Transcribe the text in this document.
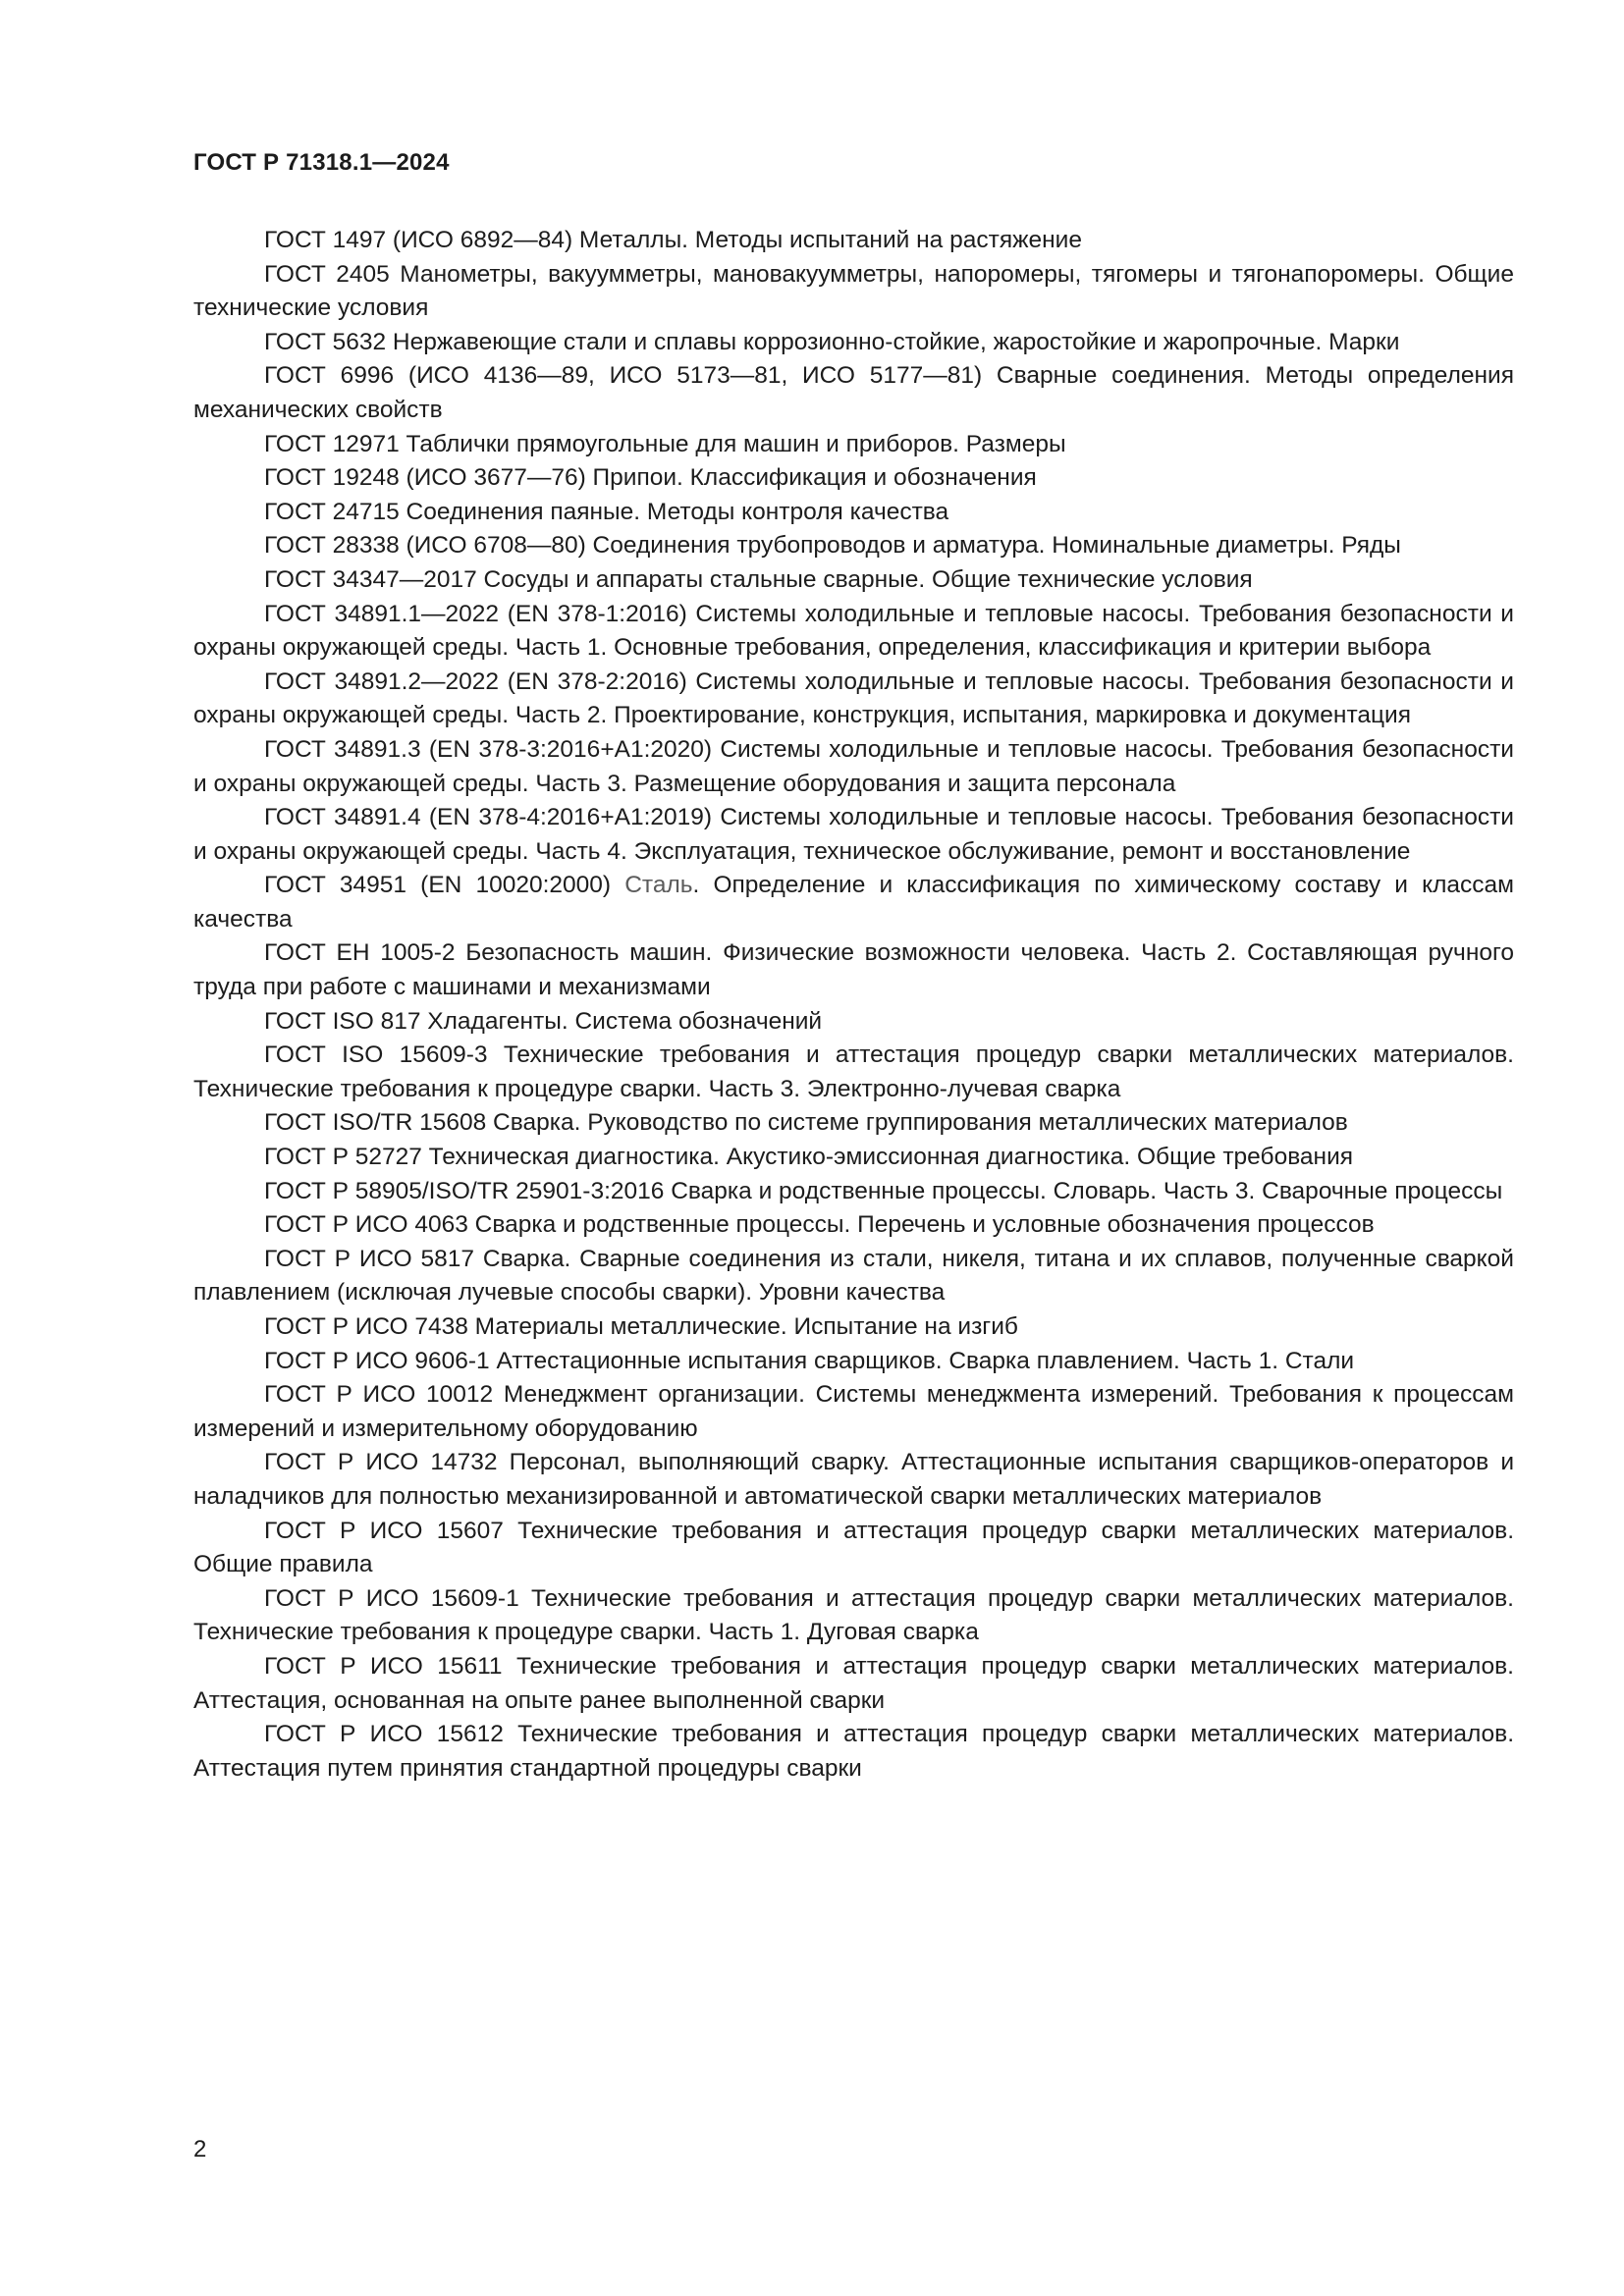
ГОСТ Р 71318.1—2024

ГОСТ 1497 (ИСО 6892—84) Металлы. Методы испытаний на растяжение

ГОСТ 2405 Манометры, вакуумметры, мановакуумметры, напоромеры, тягомеры и тягонапоромеры. Общие технические условия

ГОСТ 5632 Нержавеющие стали и сплавы коррозионно-стойкие, жаростойкие и жаропрочные. Марки

ГОСТ 6996 (ИСО 4136—89, ИСО 5173—81, ИСО 5177—81) Сварные соединения. Методы определения механических свойств

ГОСТ 12971 Таблички прямоугольные для машин и приборов. Размеры

ГОСТ 19248 (ИСО 3677—76) Припои. Классификация и обозначения

ГОСТ 24715 Соединения паяные. Методы контроля качества

ГОСТ 28338 (ИСО 6708—80) Соединения трубопроводов и арматура. Номинальные диаметры. Ряды

ГОСТ 34347—2017 Сосуды и аппараты стальные сварные. Общие технические условия

ГОСТ 34891.1—2022 (EN 378-1:2016) Системы холодильные и тепловые насосы. Требования безопасности и охраны окружающей среды. Часть 1. Основные требования, определения, классификация и критерии выбора

ГОСТ 34891.2—2022 (EN 378-2:2016) Системы холодильные и тепловые насосы. Требования безопасности и охраны окружающей среды. Часть 2. Проектирование, конструкция, испытания, маркировка и документация

ГОСТ 34891.3 (EN 378-3:2016+A1:2020) Системы холодильные и тепловые насосы. Требования безопасности и охраны окружающей среды. Часть 3. Размещение оборудования и защита персонала

ГОСТ 34891.4 (EN 378-4:2016+A1:2019) Системы холодильные и тепловые насосы. Требования безопасности и охраны окружающей среды. Часть 4. Эксплуатация, техническое обслуживание, ремонт и восстановление

ГОСТ 34951 (EN 10020:2000) Сталь. Определение и классификация по химическому составу и классам качества

ГОСТ ЕН 1005-2 Безопасность машин. Физические возможности человека. Часть 2. Составляющая ручного труда при работе с машинами и механизмами

ГОСТ ISO 817 Хладагенты. Система обозначений

ГОСТ ISO 15609-3 Технические требования и аттестация процедур сварки металлических материалов. Технические требования к процедуре сварки. Часть 3. Электронно-лучевая сварка

ГОСТ ISO/TR 15608 Сварка. Руководство по системе группирования металлических материалов

ГОСТ Р 52727 Техническая диагностика. Акустико-эмиссионная диагностика. Общие требования

ГОСТ Р 58905/ISO/TR 25901-3:2016 Сварка и родственные процессы. Словарь. Часть 3. Сварочные процессы

ГОСТ Р ИСО 4063 Сварка и родственные процессы. Перечень и условные обозначения процессов

ГОСТ Р ИСО 5817 Сварка. Сварные соединения из стали, никеля, титана и их сплавов, полученные сваркой плавлением (исключая лучевые способы сварки). Уровни качества

ГОСТ Р ИСО 7438 Материалы металлические. Испытание на изгиб

ГОСТ Р ИСО 9606-1 Аттестационные испытания сварщиков. Сварка плавлением. Часть 1. Стали

ГОСТ Р ИСО 10012 Менеджмент организации. Системы менеджмента измерений. Требования к процессам измерений и измерительному оборудованию

ГОСТ Р ИСО 14732 Персонал, выполняющий сварку. Аттестационные испытания сварщиков-операторов и наладчиков для полностью механизированной и автоматической сварки металлических материалов

ГОСТ Р ИСО 15607 Технические требования и аттестация процедур сварки металлических материалов. Общие правила

ГОСТ Р ИСО 15609-1 Технические требования и аттестация процедур сварки металлических материалов. Технические требования к процедуре сварки. Часть 1. Дуговая сварка

ГОСТ Р ИСО 15611 Технические требования и аттестация процедур сварки металлических материалов. Аттестация, основанная на опыте ранее выполненной сварки

ГОСТ Р ИСО 15612 Технические требования и аттестация процедур сварки металлических материалов. Аттестация путем принятия стандартной процедуры сварки

2
